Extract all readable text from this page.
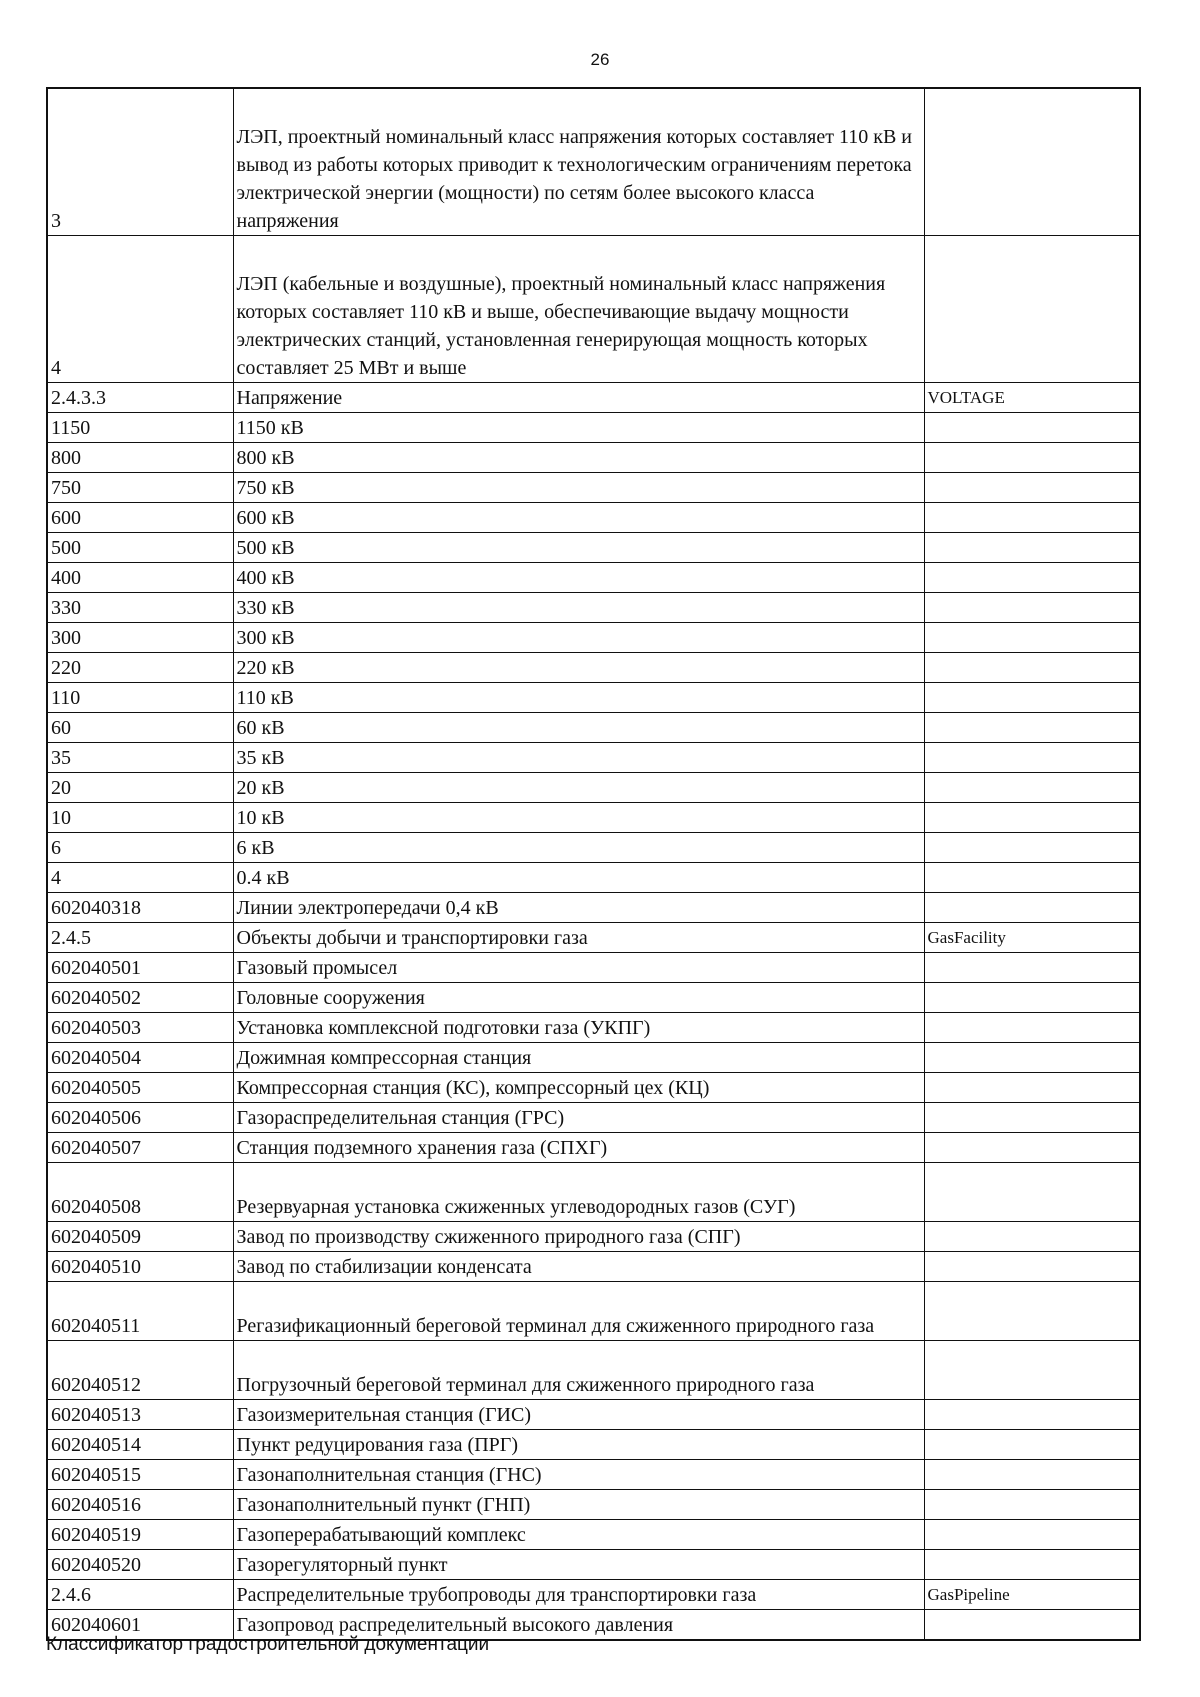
26
3	ЛЭП, проектный номинальный класс напряжения которых составляет 110 кВ и вывод из работы которых приводит к технологическим ограничениям перетока электрической энергии (мощности) по сетям более высокого класса напряжения	
4	ЛЭП (кабельные и воздушные), проектный номинальный класс напряжения которых составляет 110 кВ и выше, обеспечивающие выдачу мощности электрических станций, установленная генерирующая мощность которых составляет 25 МВт и выше	
2.4.3.3	Напряжение	VOLTAGE
1150	1150 кВ	
800	800 кВ	
750	750 кВ	
600	600 кВ	
500	500 кВ	
400	400 кВ	
330	330 кВ	
300	300 кВ	
220	220 кВ	
110	110 кВ	
60	60 кВ	
35	35 кВ	
20	20 кВ	
10	10 кВ	
6	6 кВ	
4	0.4 кВ	
602040318	Линии электропередачи 0,4 кВ	
2.4.5	Объекты добычи и транспортировки газа	GasFacility
602040501	Газовый промысел	
602040502	Головные сооружения	
602040503	Установка комплексной подготовки газа (УКПГ)	
602040504	Дожимная компрессорная станция	
602040505	Компрессорная станция (КС), компрессорный цех (КЦ)	
602040506	Газораспределительная станция (ГРС)	
602040507	Станция подземного хранения газа (СПХГ)	
602040508	Резервуарная установка сжиженных углеводородных газов (СУГ)	
602040509	Завод по производству сжиженного природного газа (СПГ)	
602040510	Завод по стабилизации конденсата	
602040511	Регазификационный береговой терминал для сжиженного природного газа	
602040512	Погрузочный береговой терминал для сжиженного природного газа	
602040513	Газоизмерительная станция (ГИС)	
602040514	Пункт редуцирования газа (ПРГ)	
602040515	Газонаполнительная станция (ГНС)	
602040516	Газонаполнительный пункт (ГНП)	
602040519	Газоперерабатывающий комплекс	
602040520	Газорегуляторный пункт	
2.4.6	Распределительные трубопроводы для транспортировки газа	GasPipeline
602040601	Газопровод распределительный высокого давления	
Классификатор градостроительной документации
